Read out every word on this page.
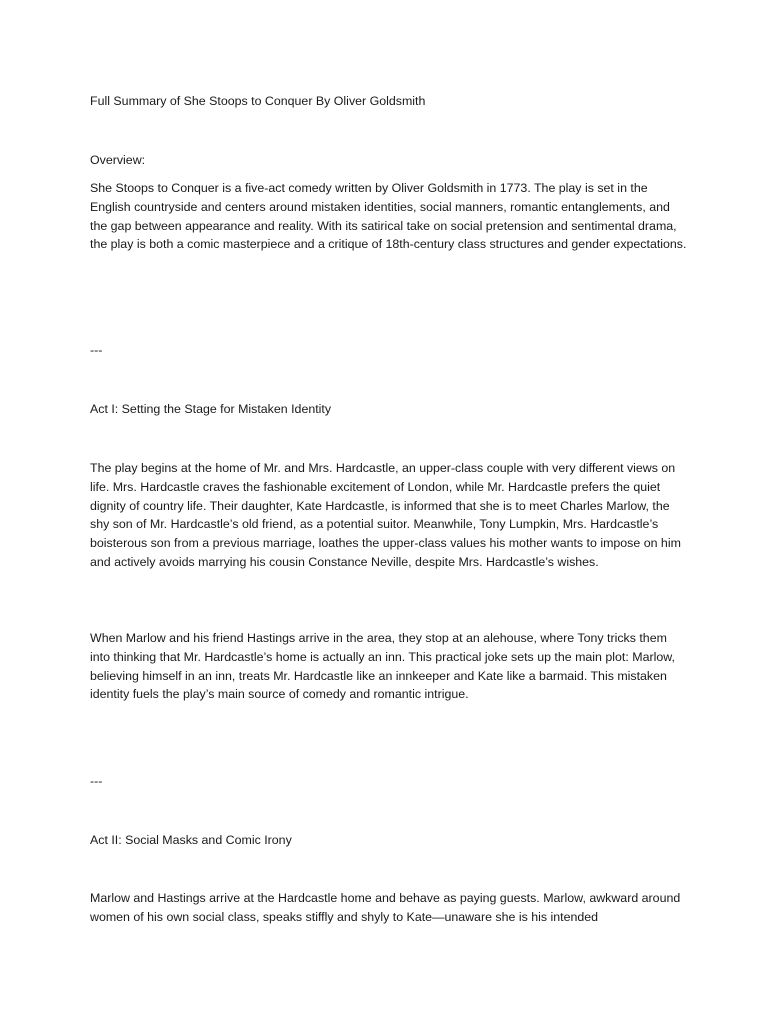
Full Summary of She Stoops to Conquer By Oliver Goldsmith

Overview:

She Stoops to Conquer is a five-act comedy written by Oliver Goldsmith in 1773. The play is set in the English countryside and centers around mistaken identities, social manners, romantic entanglements, and the gap between appearance and reality. With its satirical take on social pretension and sentimental drama, the play is both a comic masterpiece and a critique of 18th-century class structures and gender expectations.

---

Act I: Setting the Stage for Mistaken Identity

The play begins at the home of Mr. and Mrs. Hardcastle, an upper-class couple with very different views on life. Mrs. Hardcastle craves the fashionable excitement of London, while Mr. Hardcastle prefers the quiet dignity of country life. Their daughter, Kate Hardcastle, is informed that she is to meet Charles Marlow, the shy son of Mr. Hardcastle’s old friend, as a potential suitor. Meanwhile, Tony Lumpkin, Mrs. Hardcastle’s boisterous son from a previous marriage, loathes the upper-class values his mother wants to impose on him and actively avoids marrying his cousin Constance Neville, despite Mrs. Hardcastle’s wishes.

When Marlow and his friend Hastings arrive in the area, they stop at an alehouse, where Tony tricks them into thinking that Mr. Hardcastle’s home is actually an inn. This practical joke sets up the main plot: Marlow, believing himself in an inn, treats Mr. Hardcastle like an innkeeper and Kate like a barmaid. This mistaken identity fuels the play’s main source of comedy and romantic intrigue.

---

Act II: Social Masks and Comic Irony

Marlow and Hastings arrive at the Hardcastle home and behave as paying guests. Marlow, awkward around women of his own social class, speaks stiffly and shyly to Kate—unaware she is his intended
